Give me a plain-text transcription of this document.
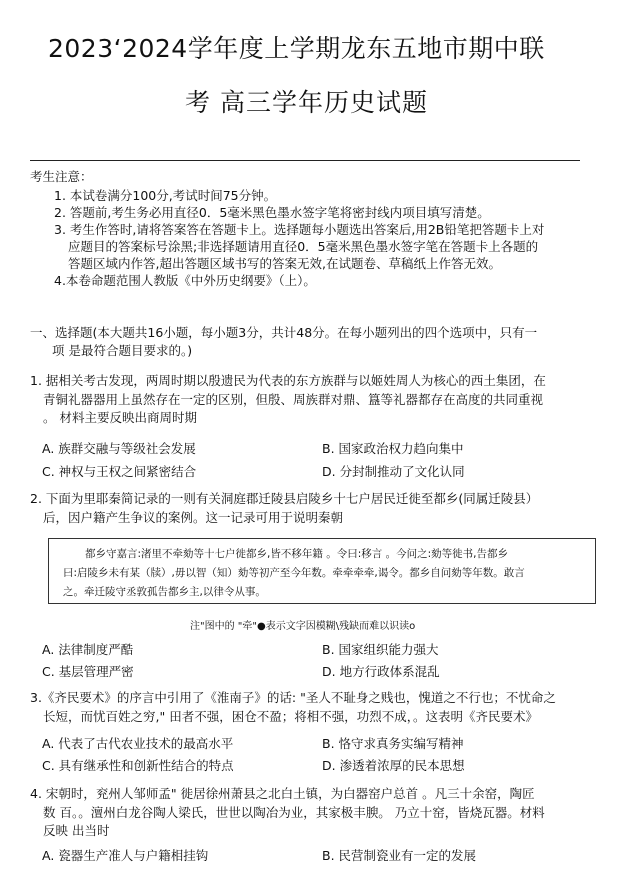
2023‘2024学年度上学期龙东五地市期中联
考 高三学年历史试题
考生注意：

1. 本试卷满分100分,考试时间75分钟。

2. 答题前,考生务必用直径0．5毫米黑色墨水签字笔将密封线内项目填写清楚。

3. 考生作答时,请将答案答在答题卡上。选择题每小题选出答案后,用2B铅笔把答题卡上对

应题目的答案标号涂黑;非选择题请用直径0．5毫米黑色墨水签字笔在答题卡上各题的

答题区域内作答,超出答题区域书写的答案无效,在试题卷、草稿纸上作答无效。

4.本卷命题范围人教版《中外历史纲要》（上）。

一、选择题(本大题共16小题，每小题3分，共计48分。在每小题列出的四个选项中，只有一
项 是最符合题目要求的。)
1. 据相关考古发现，两周时期以殷遗民为代表的东方族群与以姬姓周人为核心的西土集团，在
青铜礼器器用上虽然存在一定的区别，但殷、周族群对鼎、簋等礼器都存在高度的共同重视
。 材料主要反映出商周时期
A. 族群交融与等级社会发展	B. 国家政治权力趋向集中
C. 神权与王权之间紧密结合	D. 分封制推动了文化认同
2. 下面为里耶秦简记录的一则有关洞庭郡迁陵县启陵乡十七户居民迁徙至都乡(同属迁陵县）
后，因户籍产生争议的案例。这一记录可用于说明秦朝
都乡守嘉言:渚里不牵劾等十七户徙都乡,皆不移年籍 。令曰:移言 。今问之:劾等徙书,告都乡
曰:启陵乡未有某（牍）,毋以智（知）劾等初产至今年数。牵牵牵牵,谒令。都乡自问劾等年数。敢言
之。牵迁陵守丞敦孤告都乡主,以律令从事。
注"图中的 "牵"●表示文字因模糊\残缺而难以识读o
A. 法律制度严酷	B. 国家组织能力强大
C. 基层管理严密	D. 地方行政体系混乱
3.《齐民要术》的序言中引用了《淮南子》的话: "圣人不耻身之贱也，愧道之不行也；不忧命之
长短，而忧百姓之穷," 田者不强，困仓不盈；将相不强，功烈不成，。这表明《齐民要术》
A. 代表了古代农业技术的最高水平	B. 恪守求真务实编写精神
C. 具有继承性和创新性结合的特点	D. 渗透着浓厚的民本思想
4. 宋朝时，兖州人邹师孟" 徙居徐州萧县之北白土镇，为白器窑户总首 。凡三十余窑，陶匠
数 百。。澶州白龙谷陶人梁氏，世世以陶冶为业，其家极丰腴。 乃立十窑，皆烧瓦器。材料
反映 出当时
A. 瓷器生产准人与户籍相挂钩	B. 民营制瓷业有一定的发展
